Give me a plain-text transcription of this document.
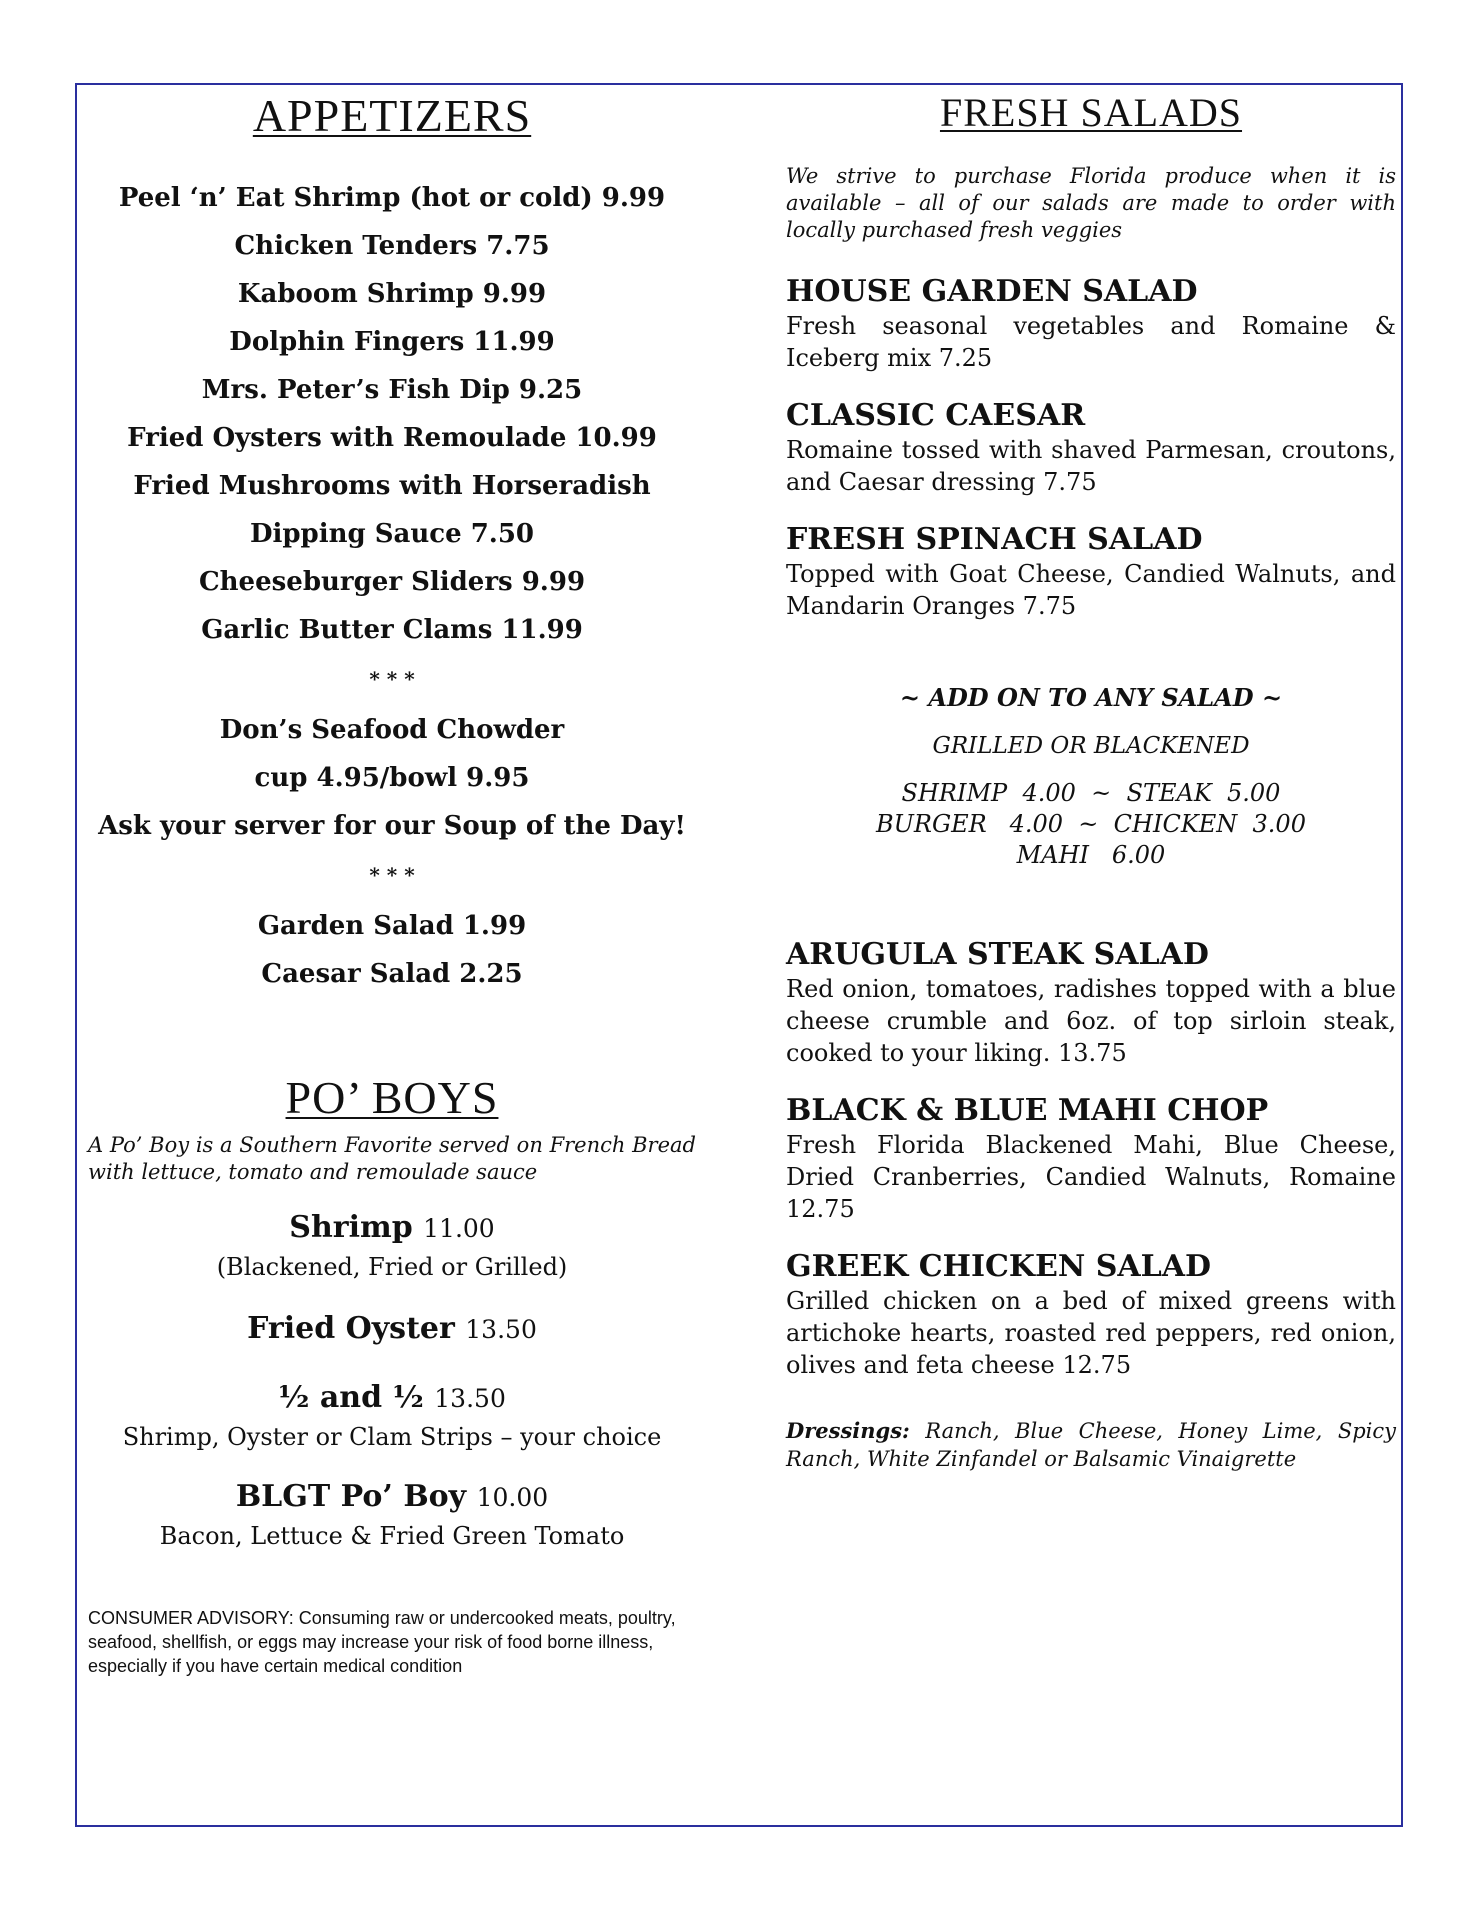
APPETIZERS
Peel ‘n’ Eat Shrimp (hot or cold) 9.99
Chicken Tenders 7.75
Kaboom Shrimp 9.99
Dolphin Fingers 11.99
Mrs. Peter’s Fish Dip 9.25
Fried Oysters with Remoulade 10.99
Fried Mushrooms with Horseradish
Dipping Sauce 7.50
Cheeseburger Sliders 9.99
Garlic Butter Clams 11.99
* * *
Don’s Seafood Chowder
cup 4.95/bowl 9.95
Ask your server for our Soup of the Day!
* * *
Garden Salad 1.99
Caesar Salad 2.25
PO’ BOYS
A Po’ Boy is a Southern Favorite served on French Bread with lettuce, tomato and remoulade sauce
Shrimp 11.00
(Blackened, Fried or Grilled)
Fried Oyster 13.50
½ and ½ 13.50
Shrimp, Oyster or Clam Strips – your choice
BLGT Po’ Boy 10.00
Bacon, Lettuce & Fried Green Tomato
CONSUMER ADVISORY: Consuming raw or undercooked meats, poultry, seafood, shellfish, or eggs may increase your risk of food borne illness, especially if you have certain medical condition
FRESH SALADS
We strive to purchase Florida produce when it is available – all of our salads are made to order with locally purchased fresh veggies
HOUSE GARDEN SALAD
Fresh seasonal vegetables and Romaine & Iceberg mix 7.25
CLASSIC CAESAR
Romaine tossed with shaved Parmesan, croutons, and Caesar dressing 7.75
FRESH SPINACH SALAD
Topped with Goat Cheese, Candied Walnuts, and Mandarin Oranges 7.75
~ ADD ON TO ANY SALAD ~
GRILLED OR BLACKENED
SHRIMP  4.00  ~  STEAK  5.00
BURGER   4.00  ~  CHICKEN  3.00
MAHI   6.00
ARUGULA STEAK SALAD
Red onion, tomatoes, radishes topped with a blue cheese crumble and 6oz. of top sirloin steak, cooked to your liking. 13.75
BLACK & BLUE MAHI CHOP
Fresh Florida Blackened Mahi, Blue Cheese, Dried Cranberries, Candied Walnuts, Romaine 12.75
GREEK CHICKEN SALAD
Grilled chicken on a bed of mixed greens with artichoke hearts, roasted red peppers, red onion, olives and feta cheese 12.75
Dressings: Ranch, Blue Cheese, Honey Lime, Spicy Ranch, White Zinfandel or Balsamic Vinaigrette
